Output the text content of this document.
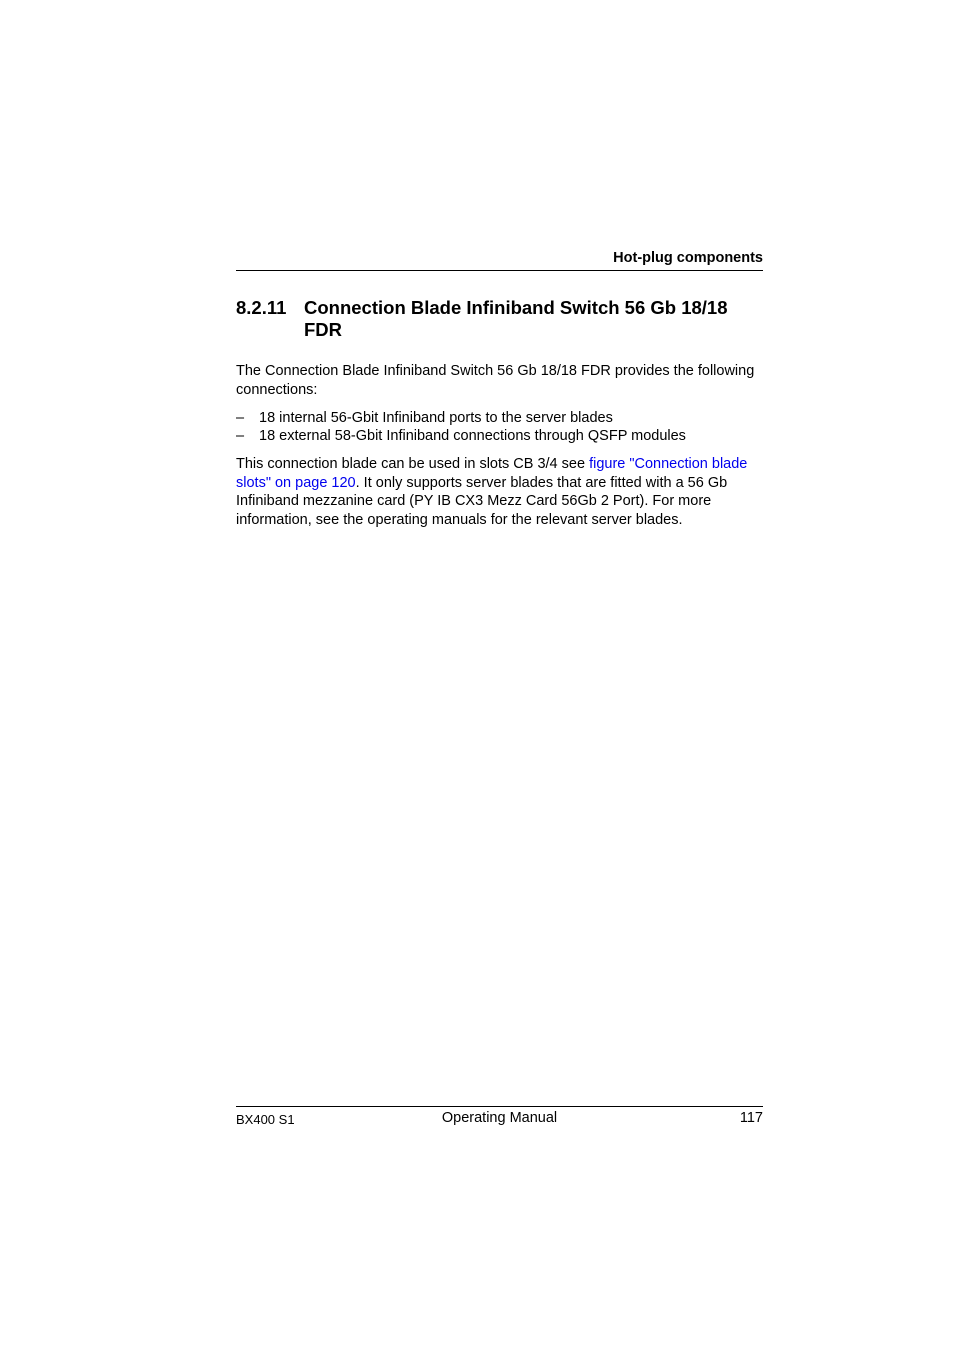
Hot-plug components
8.2.11 Connection Blade Infiniband Switch 56 Gb 18/18 FDR

The Connection Blade Infiniband Switch 56 Gb 18/18 FDR provides the following connections:

–	18 internal 56-Gbit Infiniband ports to the server blades
–	18 external 58-Gbit Infiniband connections through QSFP modules

This connection blade can be used in slots CB 3/4 see figure "Connection blade slots" on page 120. It only supports server blades that are fitted with a 56 Gb Infiniband mezzanine card (PY IB CX3 Mezz Card 56Gb 2 Port). For more information, see the operating manuals for the relevant server blades.

BX400 S1	Operating Manual	117
